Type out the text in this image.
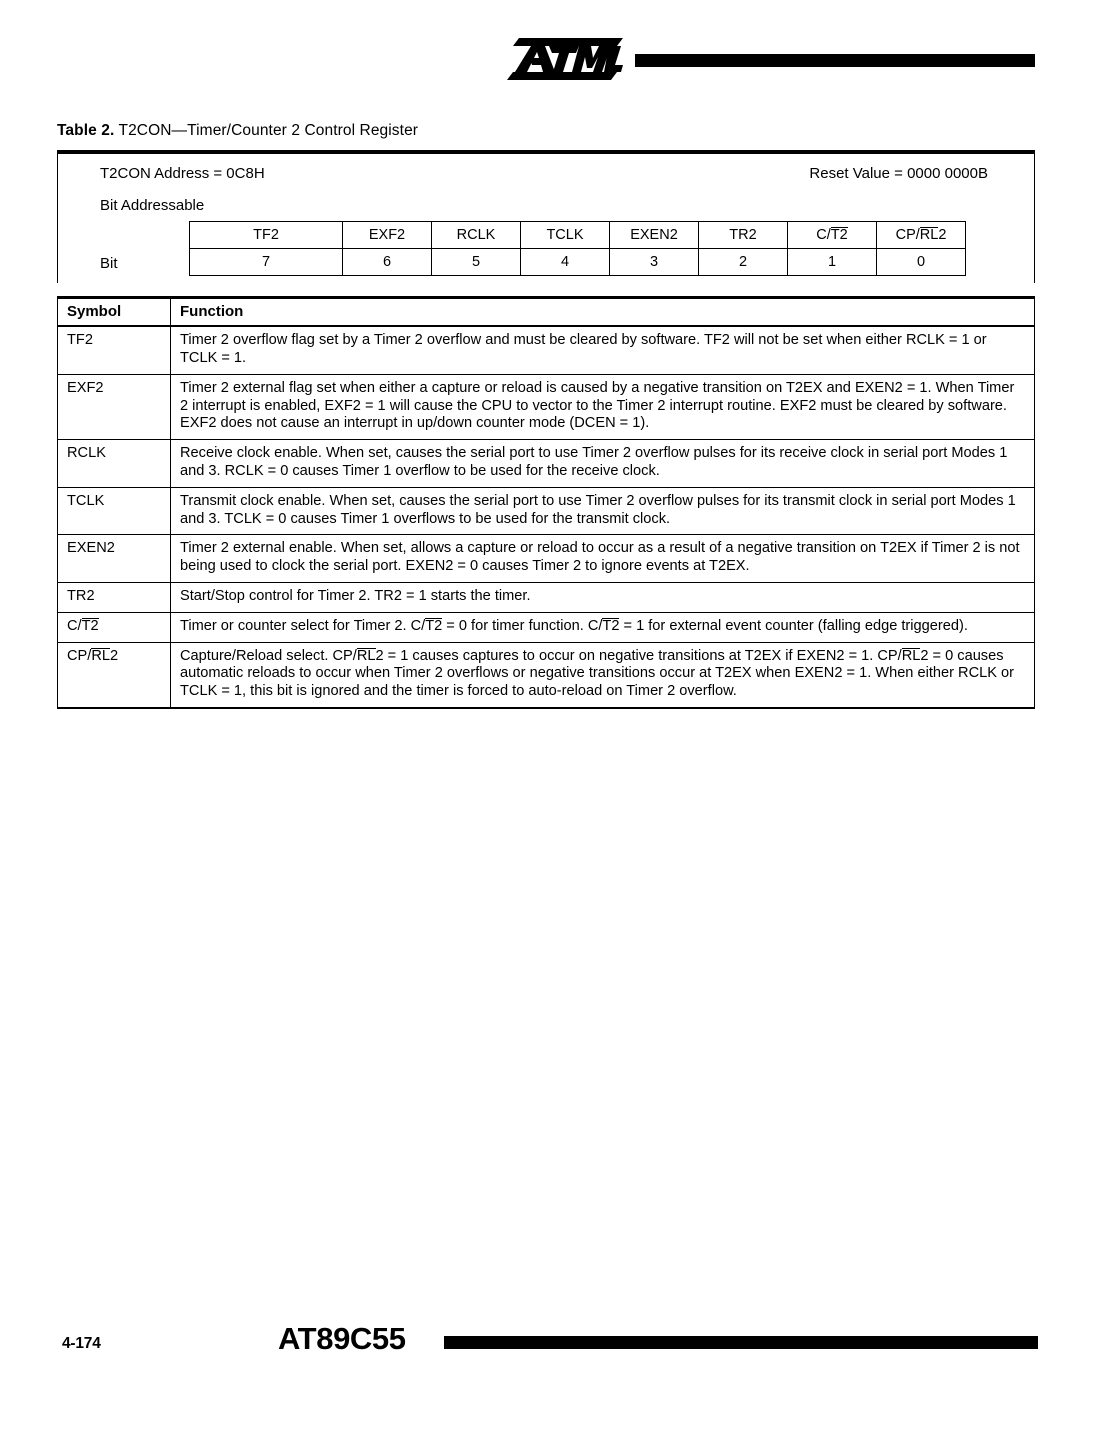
Table 2. T2CON—Timer/Counter 2 Control Register
T2CON Address = 0C8H	Reset Value = 0000 0000B
Bit Addressable
Bit
TF2	EXF2	RCLK	TCLK	EXEN2	TR2	C/T2	CP/RL2
7	6	5	4	3	2	1	0
Symbol	Function
TF2	Timer 2 overflow flag set by a Timer 2 overflow and must be cleared by software. TF2 will not be set when either RCLK = 1 or TCLK = 1.
EXF2	Timer 2 external flag set when either a capture or reload is caused by a negative transition on T2EX and EXEN2 = 1. When Timer 2 interrupt is enabled, EXF2 = 1 will cause the CPU to vector to the Timer 2 interrupt routine. EXF2 must be cleared by software. EXF2 does not cause an interrupt in up/down counter mode (DCEN = 1).
RCLK	Receive clock enable. When set, causes the serial port to use Timer 2 overflow pulses for its receive clock in serial port Modes 1 and 3. RCLK = 0 causes Timer 1 overflow to be used for the receive clock.
TCLK	Transmit clock enable. When set, causes the serial port to use Timer 2 overflow pulses for its transmit clock in serial port Modes 1 and 3. TCLK = 0 causes Timer 1 overflows to be used for the transmit clock.
EXEN2	Timer 2 external enable. When set, allows a capture or reload to occur as a result of a negative transition on T2EX if Timer 2 is not being used to clock the serial port. EXEN2 = 0 causes Timer 2 to ignore events at T2EX.
TR2	Start/Stop control for Timer 2. TR2 = 1 starts the timer.
C/T2	Timer or counter select for Timer 2. C/T2 = 0 for timer function. C/T2 = 1 for external event counter (falling edge triggered).
CP/RL2	Capture/Reload select. CP/RL2 = 1 causes captures to occur on negative transitions at T2EX if EXEN2 = 1. CP/RL2 = 0 causes automatic reloads to occur when Timer 2 overflows or negative transitions occur at T2EX when EXEN2 = 1. When either RCLK or TCLK = 1, this bit is ignored and the timer is forced to auto-reload on Timer 2 overflow.
4-174	AT89C55
